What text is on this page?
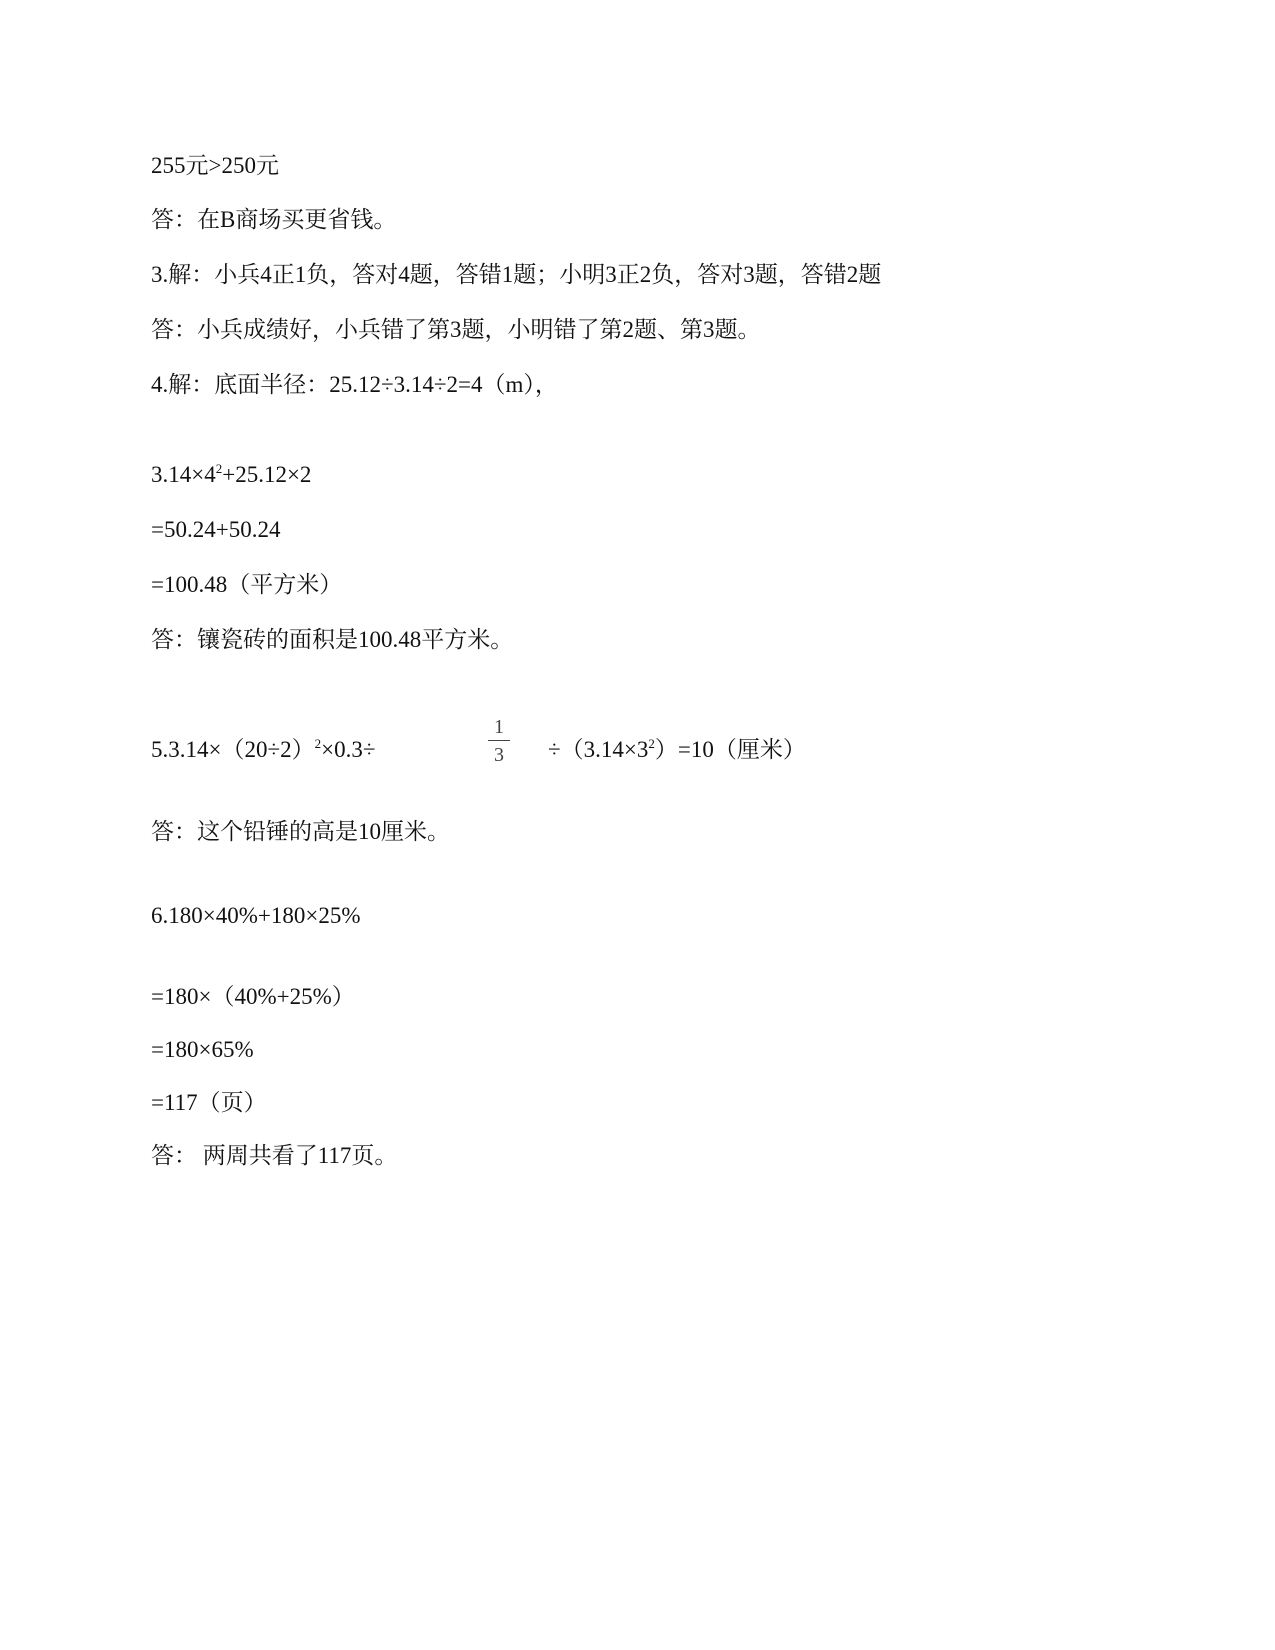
255元>250元
答：在B商场买更省钱。
3.解：小兵4正1负，答对4题，答错1题；小明3正2负，答对3题，答错2题
答：小兵成绩好，小兵错了第3题，小明错了第2题、第3题。
4.解：底面半径：25.12÷3.14÷2=4（m），
$3.14\times 4^2+25.12\times 2$
=50.24+50.24
=100.48（平方米）
答：镶瓷砖的面积是100.48平方米。
$5.3.14\times(20\div 2)^2\times 0.3\div$
1
$3 \div(3.14\times 3^2)=10$（厘米）
答：这个铅锤的高是10厘米。
6.180×40%+180×25%
=180×（40%+25%）
=180×65%
=117（页）
答： 两周共看了117页。
